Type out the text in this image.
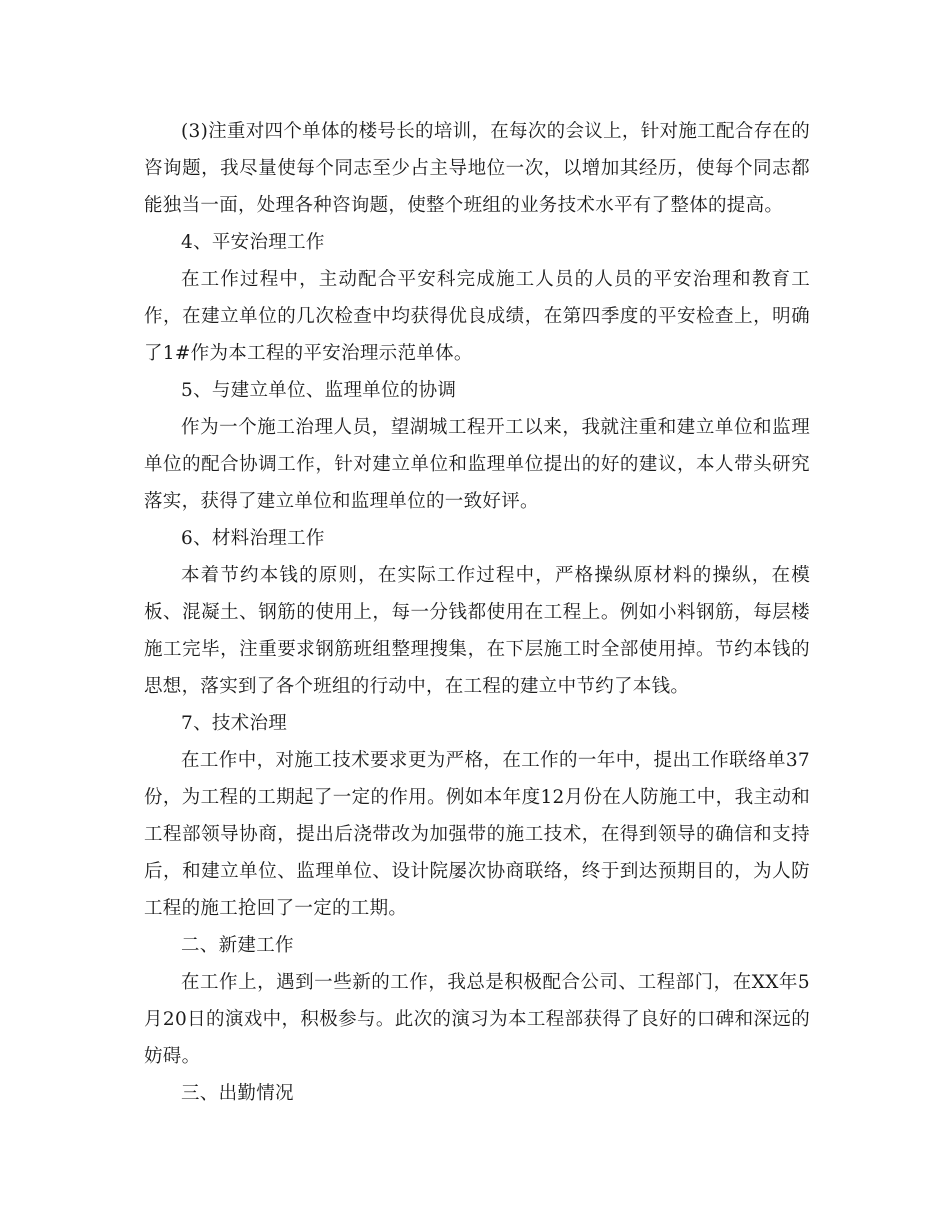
(3)注重对四个单体的楼号长的培训，在每次的会议上，针对施工配合存在的咨询题，我尽量使每个同志至少占主导地位一次，以增加其经历，使每个同志都能独当一面，处理各种咨询题，使整个班组的业务技术水平有了整体的提高。

4、平安治理工作

在工作过程中，主动配合平安科完成施工人员的人员的平安治理和教育工作，在建立单位的几次检查中均获得优良成绩，在第四季度的平安检查上，明确了1#作为本工程的平安治理示范单体。

5、与建立单位、监理单位的协调

作为一个施工治理人员，望湖城工程开工以来，我就注重和建立单位和监理单位的配合协调工作，针对建立单位和监理单位提出的好的建议，本人带头研究落实，获得了建立单位和监理单位的一致好评。

6、材料治理工作

本着节约本钱的原则，在实际工作过程中，严格操纵原材料的操纵，在模板、混凝土、钢筋的使用上，每一分钱都使用在工程上。例如小料钢筋，每层楼施工完毕，注重要求钢筋班组整理搜集，在下层施工时全部使用掉。节约本钱的思想，落实到了各个班组的行动中，在工程的建立中节约了本钱。

7、技术治理

在工作中，对施工技术要求更为严格，在工作的一年中，提出工作联络单37份，为工程的工期起了一定的作用。例如本年度12月份在人防施工中，我主动和工程部领导协商，提出后浇带改为加强带的施工技术，在得到领导的确信和支持后，和建立单位、监理单位、设计院屡次协商联络，终于到达预期目的，为人防工程的施工抢回了一定的工期。

二、新建工作

在工作上，遇到一些新的工作，我总是积极配合公司、工程部门，在XX年5月20日的演戏中，积极参与。此次的演习为本工程部获得了良好的口碑和深远的妨碍。

三、出勤情况
